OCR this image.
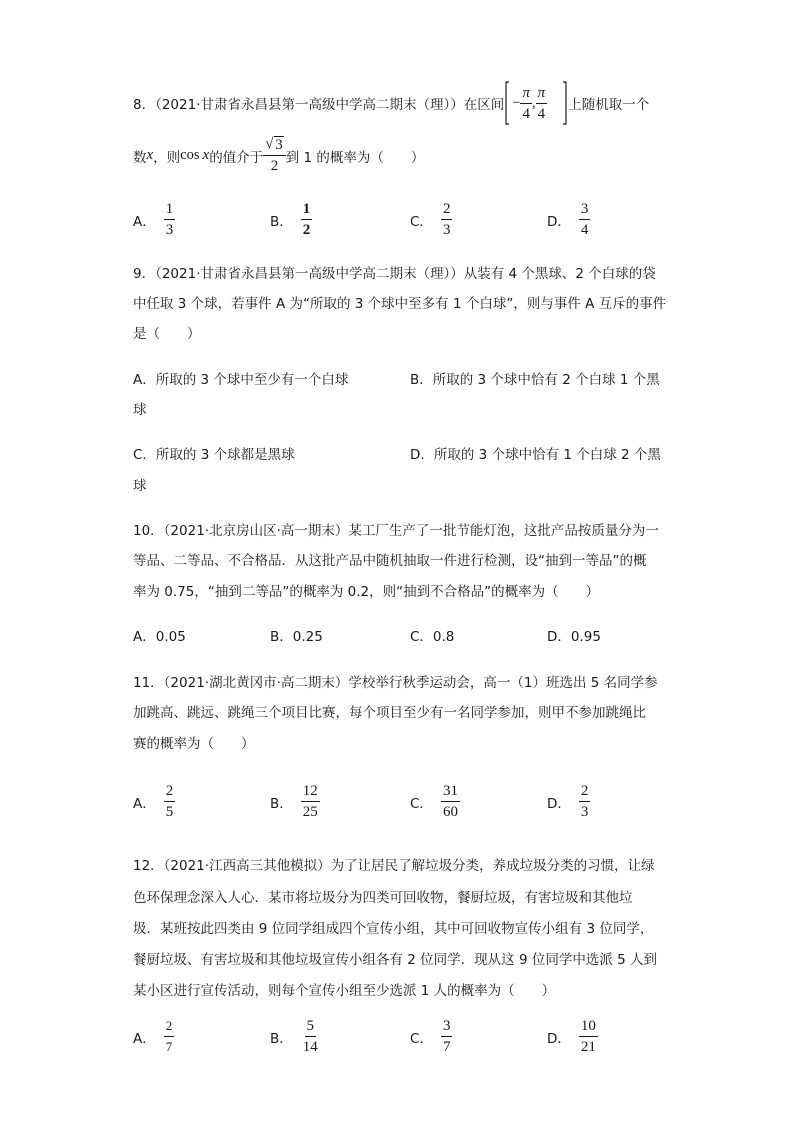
8．（2021·甘肃省永昌县第一高级中学高二期末（理））在区间 − $\frac{\pi}{4}$ , $\frac{\pi}{4}$ 上随机取一个
数 x ，则 cos x 的值介于 $\frac{√ 3}{2}$ 到 1 的概率为（　　）
A． $\frac{1}{3}$	B． $\frac{1}{2}$	C． $\frac{2}{3}$	D． $\frac{3}{4}$
9．（2021·甘肃省永昌县第一高级中学高二期末（理））从装有 4 个黑球、2 个白球的袋
中任取 3 个球，若事件 A 为“所取的 3 个球中至多有 1 个白球”，则与事件 A 互斥的事件
是（　　）
A．所取的 3 个球中至少有一个白球	B．所取的 3 个球中恰有 2 个白球 1 个黑
球
C．所取的 3 个球都是黑球	D．所取的 3 个球中恰有 1 个白球 2 个黑
球
10．（2021·北京房山区·高一期末）某工厂生产了一批节能灯泡，这批产品按质量分为一
等品、二等品、不合格品．从这批产品中随机抽取一件进行检测，设“抽到一等品”的概
率为 0.75，“抽到二等品”的概率为 0.2，则“抽到不合格品”的概率为（　　）
A．0.05	B．0.25	C．0.8	D．0.95
11．（2021·湖北黄冈市·高二期末）学校举行秋季运动会，高一（1）班选出 5 名同学参
加跳高、跳远、跳绳三个项目比赛，每个项目至少有一名同学参加，则甲不参加跳绳比
赛的概率为（　　）
A． $\frac{2}{5}$	B． $\frac{12}{25}$	C． $\frac{31}{60}$	D． $\frac{2}{3}$
12．（2021·江西高三其他模拟）为了让居民了解垃圾分类，养成垃圾分类的习惯，让绿
色环保理念深入人心．某市将垃圾分为四类可回收物，餐厨垃圾，有害垃圾和其他垃
圾．某班按此四类由 9 位同学组成四个宣传小组，其中可回收物宣传小组有 3 位同学，
餐厨垃圾、有害垃圾和其他垃圾宣传小组各有 2 位同学．现从这 9 位同学中选派 5 人到
某小区进行宣传活动，则每个宣传小组至少选派 1 人的概率为（　　）
A． $\frac{2}{7}$	B． $\frac{5}{14}$	C． $\frac{3}{7}$	D． $\frac{10}{21}$
